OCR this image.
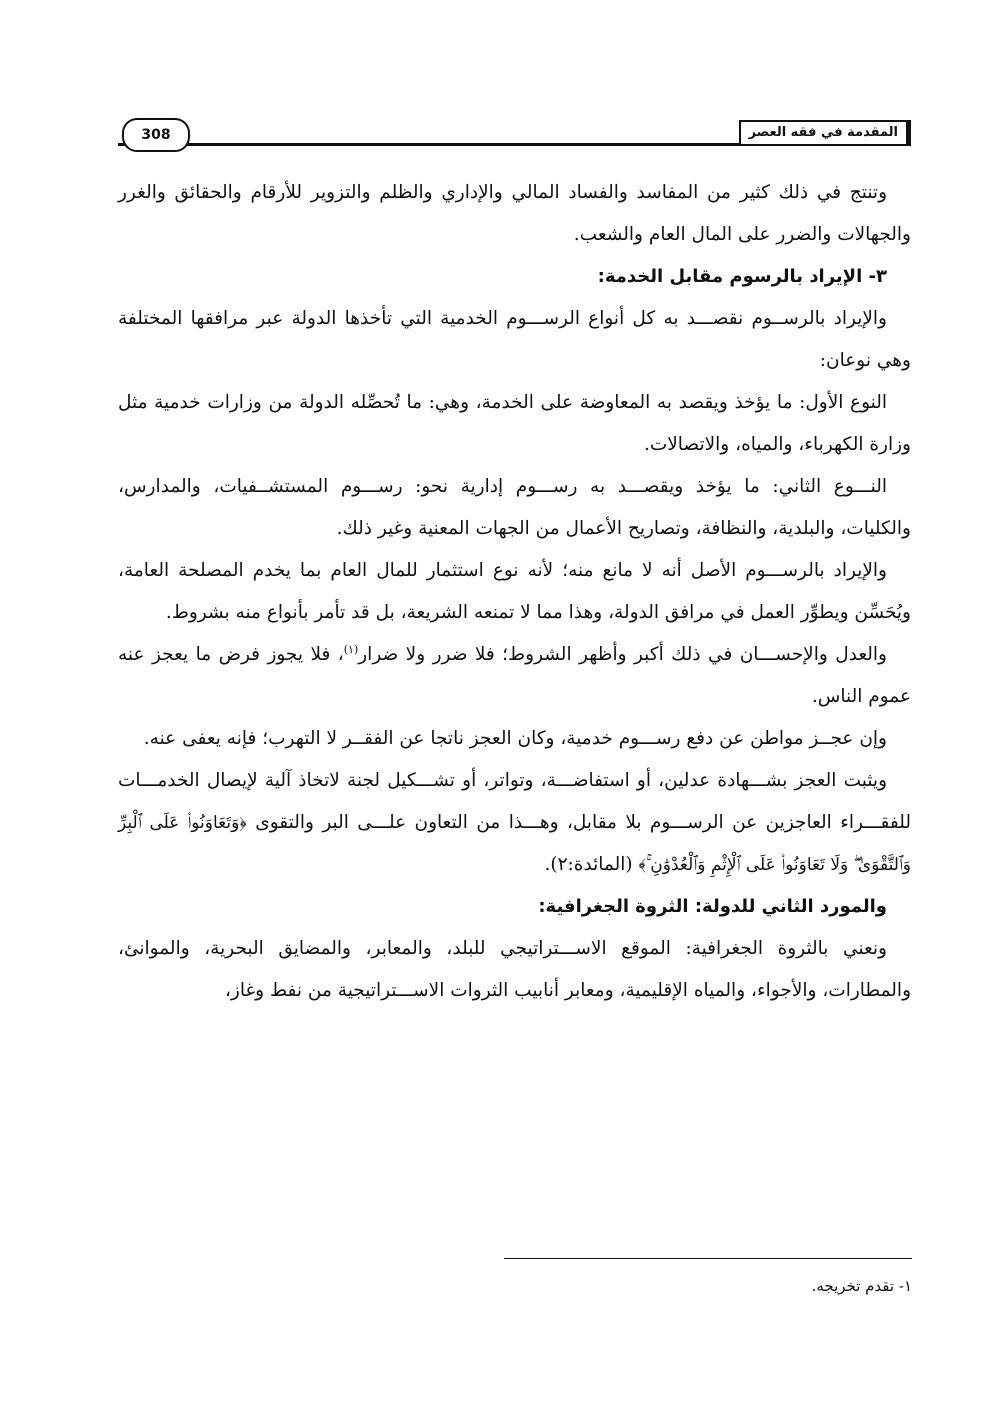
المقدمة في فقه العصر
308

وتنتج في ذلك كثير من المفاسد والفساد المالي والإداري والظلم والتزوير للأرقام والحقائق والغرر والجهالات والضرر على المال العام والشعب.

٣- الإيراد بالرسوم مقابل الخدمة:

والإيراد بالرســوم نقصـــد به كل أنواع الرســـوم الخدمية التي تأخذها الدولة عبر مرافقها المختلفة وهي نوعان:

النوع الأول: ما يؤخذ ويقصد به المعاوضة على الخدمة، وهي: ما تُحصِّله الدولة من وزارات خدمية مثل وزارة الكهرباء، والمياه، والاتصالات.

النـــوع الثاني: ما يؤخذ ويقصـــد به رســـوم إدارية نحو: رســـوم المستشــفيات، والمدارس، والكليات، والبلدية، والنظافة، وتصاريح الأعمال من الجهات المعنية وغير ذلك.

والإيراد بالرســـوم الأصل أنه لا مانع منه؛ لأنه نوع استثمار للمال العام بما يخدم المصلحة العامة، ويُحَسِّن ويطوِّر العمل في مرافق الدولة، وهذا مما لا تمنعه الشريعة، بل قد تأمر بأنواع منه بشروط.

والعدل والإحســـان في ذلك أكبر وأظهر الشروط؛ فلا ضرر ولا ضرار$^{(١)}$، فلا يجوز فرض ما يعجز عنه عموم الناس.

وإن عجــز مواطن عن دفع رســـوم خدمية، وكان العجز ناتجا عن الفقــر لا التهرب؛ فإنه يعفى عنه.

ويثبت العجز بشـــهادة عدلين، أو استفاضـــة، وتواتر، أو تشـــكيل لجنة لاتخاذ آلية لإيصال الخدمـــات للفقـــراء العاجزين عن الرســـوم بلا مقابل، وهـــذا من التعاون علـــى البر والتقوى ﴿وَتَعَاوَنُوا۟ عَلَى ٱلْبِرِّ وَٱلتَّقْوَىٰ ۖ وَلَا تَعَاوَنُوا۟ عَلَى ٱلْإِثْمِ وَٱلْعُدْوَٰنِ ۚ﴾ (المائدة:٢).

والمورد الثاني للدولة: الثروة الجغرافية:

ونعني بالثروة الجغرافية: الموقع الاســـتراتيجي للبلد، والمعابر، والمضايق البحرية، والموانئ، والمطارات، والأجواء، والمياه الإقليمية، ومعابر أنابيب الثروات الاســـتراتيجية من نفط وغاز،

١- تقدم تخريجه.
